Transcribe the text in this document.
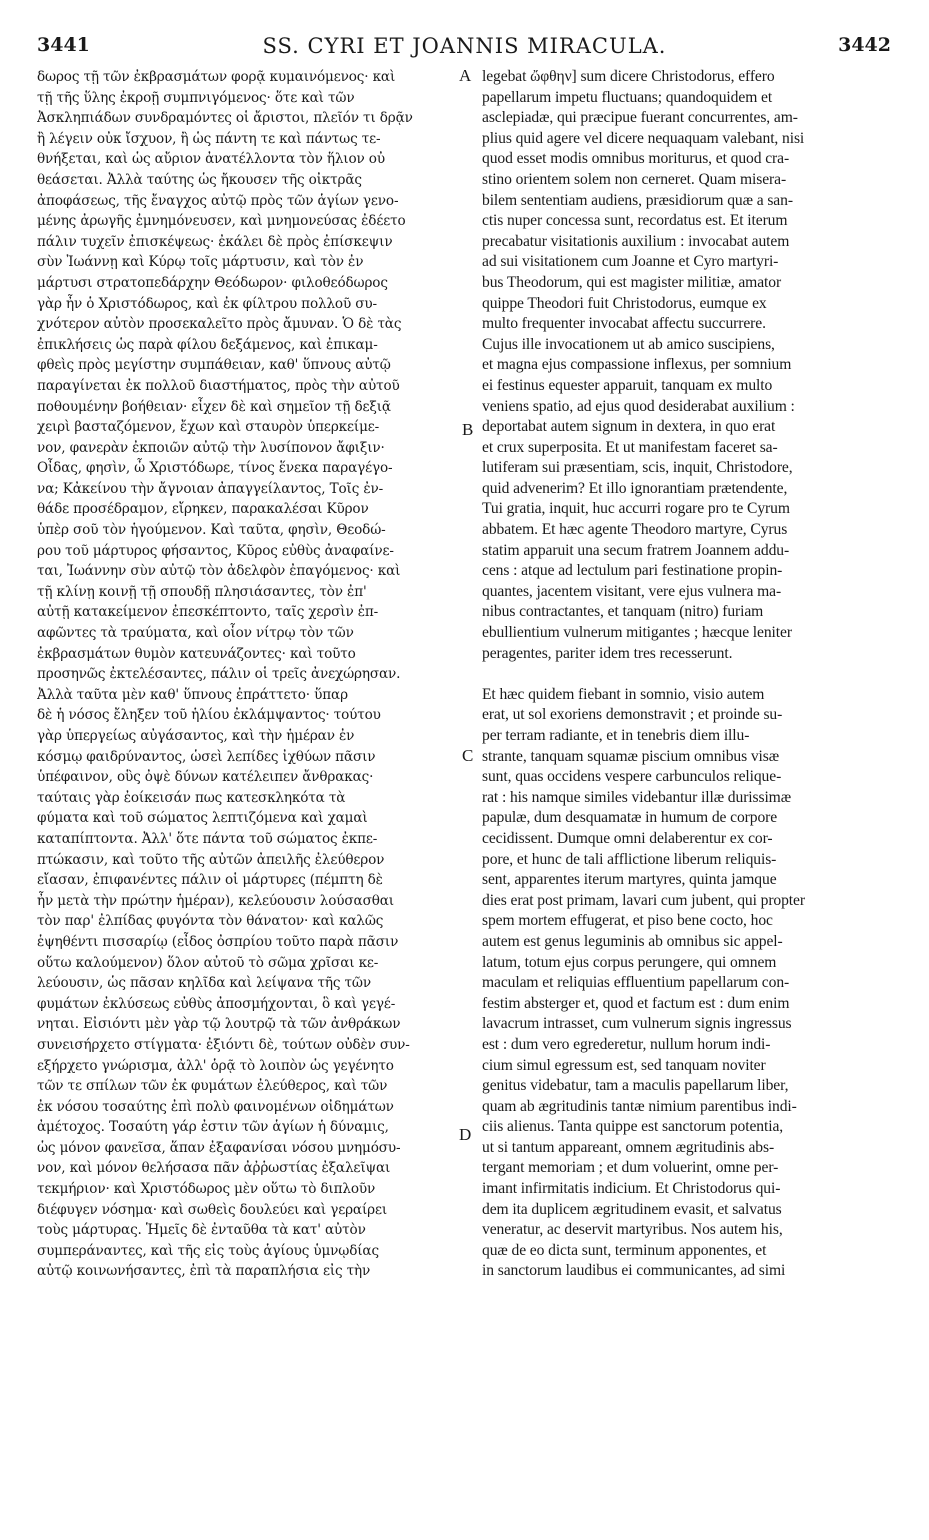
3441	SS. CYRI ET JOANNIS MIRACULA.	3442
δωρος τῇ τῶν ἐκβρασμάτων φορᾷ κυμαινόμενος· καὶ
τῇ τῆς ὕλης ἐκροῇ συμπνιγόμενος· ὅτε καὶ τῶν
Ἀσκληπιάδων συνδραμόντες οἱ ἄριστοι, πλεῖόν τι δρᾷν
ἢ λέγειν οὐκ ἴσχυον, ἢ ὡς πάντη τε καὶ πάντως τε-
θνήξεται, καὶ ὡς αὔριον ἀνατέλλοντα τὸν ἥλιον οὐ
θεάσεται. Ἀλλὰ ταύτης ὡς ἤκουσεν τῆς οἰκτρᾶς
ἀποφάσεως, τῆς ἔναγχος αὐτῷ πρὸς τῶν ἁγίων γενο-
μένης ἀρωγῆς ἐμνημόνευσεν, καὶ μνημονεύσας ἐδέετο
πάλιν τυχεῖν ἐπισκέψεως· ἐκάλει δὲ πρὸς ἐπίσκεψιν
σὺν Ἰωάννῃ καὶ Κύρῳ τοῖς μάρτυσιν, καὶ τὸν ἐν
μάρτυσι στρατοπεδάρχην Θεόδωρον· φιλοθεόδωρος
γὰρ ἦν ὁ Χριστόδωρος, καὶ ἐκ φίλτρου πολλοῦ συ-
χνότερον αὐτὸν προσεκαλεῖτο πρὸς ἄμυναν. Ὁ δὲ τὰς
ἐπικλήσεις ὡς παρὰ φίλου δεξάμενος, καὶ ἐπικαμ-
φθεὶς πρὸς μεγίστην συμπάθειαν, καθ' ὕπνους αὐτῷ
παραγίνεται ἐκ πολλοῦ διαστήματος, πρὸς τὴν αὐτοῦ
ποθουμένην βοήθειαν· εἶχεν δὲ καὶ σημεῖον τῇ δεξιᾷ
χειρὶ βασταζόμενον, ἔχων καὶ σταυρὸν ὑπερκείμε-
νον, φανερὰν ἐκποιῶν αὐτῷ τὴν λυσίπονον ἄφιξιν·
Οἶδας, φησὶν, ὦ Χριστόδωρε, τίνος ἕνεκα παραγέγο-
να; Κἀκείνου τὴν ἄγνοιαν ἀπαγγείλαντος, Τοῖς ἐν-
θάδε προσέδραμον, εἴρηκεν, παρακαλέσαι Κῦρον
ὑπὲρ σοῦ τὸν ἡγούμενον. Καὶ ταῦτα, φησὶν, Θεοδώ-
ρου τοῦ μάρτυρος φήσαντος, Κῦρος εὐθὺς ἀναφαίνε-
ται, Ἰωάννην σὺν αὐτῷ τὸν ἀδελφὸν ἐπαγόμενος· καὶ
τῇ κλίνῃ κοινῇ τῇ σπουδῇ πλησιάσαντες, τὸν ἐπ'
αὐτῇ κατακείμενον ἐπεσκέπτοντο, ταῖς χερσὶν ἐπ-
αφῶντες τὰ τραύματα, καὶ οἷον νίτρῳ τὸν τῶν
ἐκβρασμάτων θυμὸν κατευνάζοντες· καὶ τοῦτο
προσηνῶς ἐκτελέσαντες, πάλιν οἱ τρεῖς ἀνεχώρησαν.
Ἀλλὰ ταῦτα μὲν καθ' ὕπνους ἐπράττετο· ὕπαρ
δὲ ἡ νόσος ἔληξεν τοῦ ἡλίου ἐκλάμψαντος· τούτου
γὰρ ὑπεργείως αὐγάσαντος, καὶ τὴν ἡμέραν ἐν
κόσμῳ φαιδρύναντος, ὡσεὶ λεπίδες ἰχθύων πᾶσιν
ὑπέφαινον, οὓς ὀψὲ δύνων κατέλειπεν ἄνθρακας·
ταύταις γὰρ ἐοίκεισάν πως κατεσκληκότα τὰ
φύματα καὶ τοῦ σώματος λεπτιζόμενα καὶ χαμαὶ
καταπίπτοντα. Ἀλλ' ὅτε πάντα τοῦ σώματος ἐκπε-
πτώκασιν, καὶ τοῦτο τῆς αὐτῶν ἀπειλῆς ἐλεύθερον
εἴασαν, ἐπιφανέντες πάλιν οἱ μάρτυρες (πέμπτη δὲ
ἦν μετὰ τὴν πρώτην ἡμέραν), κελεύουσιν λούσασθαι
τὸν παρ' ἐλπίδας φυγόντα τὸν θάνατον· καὶ καλῶς
ἑψηθέντι πισσαρίῳ (εἶδος ὀσπρίου τοῦτο παρὰ πᾶσιν
οὕτω καλούμενον) ὅλον αὐτοῦ τὸ σῶμα χρῖσαι κε-
λεύουσιν, ὡς πᾶσαν κηλῖδα καὶ λείψανα τῆς τῶν
φυμάτων ἐκλύσεως εὐθὺς ἀποσμήχονται, ὃ καὶ γεγέ-
νηται. Εἰσιόντι μὲν γὰρ τῷ λουτρῷ τὰ τῶν ἀνθράκων
συνεισήρχετο στίγματα· ἐξιόντι δὲ, τούτων οὐδὲν συν-
εξήρχετο γνώρισμα, ἀλλ' ὁρᾷ τὸ λοιπὸν ὡς γεγένητο
τῶν τε σπίλων τῶν ἐκ φυμάτων ἐλεύθερος, καὶ τῶν
ἐκ νόσου τοσαύτης ἐπὶ πολὺ φαινομένων οἰδημάτων
ἀμέτοχος. Τοσαύτη γάρ ἐστιν τῶν ἁγίων ἡ δύναμις,
ὡς μόνον φανεῖσα, ἅπαν ἐξαφανίσαι νόσου μνημόσυ-
νον, καὶ μόνον θελήσασα πᾶν ἀῤῥωστίας ἐξαλεῖψαι
τεκμήριον· καὶ Χριστόδωρος μὲν οὕτω τὸ διπλοῦν
διέφυγεν νόσημα· καὶ σωθεὶς δουλεύει καὶ γεραίρει
τοὺς μάρτυρας. Ἡμεῖς δὲ ἐνταῦθα τὰ κατ' αὐτὸν
συμπεράναντες, καὶ τῆς εἰς τοὺς ἁγίους ὑμνῳδίας
αὐτῷ κοινωνήσαντες, ἐπὶ τὰ παραπλήσια εἰς τὴν
legebat ὤφθην] sum dicere Christodorus, effero
papellarum impetu fluctuans; quandoquidem et
asclepiadæ, qui præcipue fuerant concurrentes, am-
plius quid agere vel dicere nequaquam valebant, nisi
quod esset modis omnibus moriturus, et quod cra-
stino orientem solem non cerneret. Quam misera-
bilem sententiam audiens, præsidiorum quæ a san-
ctis nuper concessa sunt, recordatus est. Et iterum
precabatur visitationis auxilium : invocabat autem
ad sui visitationem cum Joanne et Cyro martyri-
bus Theodorum, qui est magister militiæ, amator
quippe Theodori fuit Christodorus, eumque ex
multo frequenter invocabat affectu succurrere.
Cujus ille invocationem ut ab amico suscipiens,
et magna ejus compassione inflexus, per somnium
ei festinus equester apparuit, tanquam ex multo
veniens spatio, ad ejus quod desiderabat auxilium :
deportabat autem signum in dextera, in quo erat
et crux superposita. Et ut manifestam faceret sa-
lutiferam sui præsentiam, scis, inquit, Christodore,
quid advenerim? Et illo ignorantiam prætendente,
Tui gratia, inquit, huc accurri rogare pro te Cyrum
abbatem. Et hæc agente Theodoro martyre, Cyrus
statim apparuit una secum fratrem Joannem addu-
cens : atque ad lectulum pari festinatione propin-
quantes, jacentem visitant, vere ejus vulnera ma-
nibus contractantes, et tanquam (nitro) furiam
ebullientium vulnerum mitigantes ; hæcque leniter
peragentes, pariter idem tres recesserunt.
Et hæc quidem fiebant in somnio, visio autem
erat, ut sol exoriens demonstravit ; et proinde su-
per terram radiante, et in tenebris diem illu-
strante, tanquam squamæ piscium omnibus visæ
sunt, quas occidens vespere carbunculos relique-
rat : his namque similes videbantur illæ durissimæ
papulæ, dum desquamatæ in humum de corpore
cecidissent. Dumque omni delaberentur ex cor-
pore, et hunc de tali afflictione liberum reliquis-
sent, apparentes iterum martyres, quinta jamque
dies erat post primam, lavari cum jubent, qui propter
spem mortem effugerat, et piso bene cocto, hoc
autem est genus leguminis ab omnibus sic appel-
latum, totum ejus corpus perungere, qui omnem
maculam et reliquias effluentium papellarum con-
festim absterger et, quod et factum est : dum enim
lavacrum intrasset, cum vulnerum signis ingressus
est : dum vero egrederetur, nullum horum indi-
cium simul egressum est, sed tanquam noviter
genitus videbatur, tam a maculis papellarum liber,
quam ab ægritudinis tantæ nimium parentibus indi-
ciis alienus. Tanta quippe est sanctorum potentia,
ut si tantum appareant, omnem ægritudinis abs-
tergant memoriam ; et dum voluerint, omne per-
imant infirmitatis indicium. Et Christodorus qui-
dem ita duplicem ægritudinem evasit, et salvatus
veneratur, ac deservit martyribus. Nos autem his,
quæ de eo dicta sunt, terminum apponentes, et
in sanctorum laudibus ei communicantes, ad simi
A
B
C
D
